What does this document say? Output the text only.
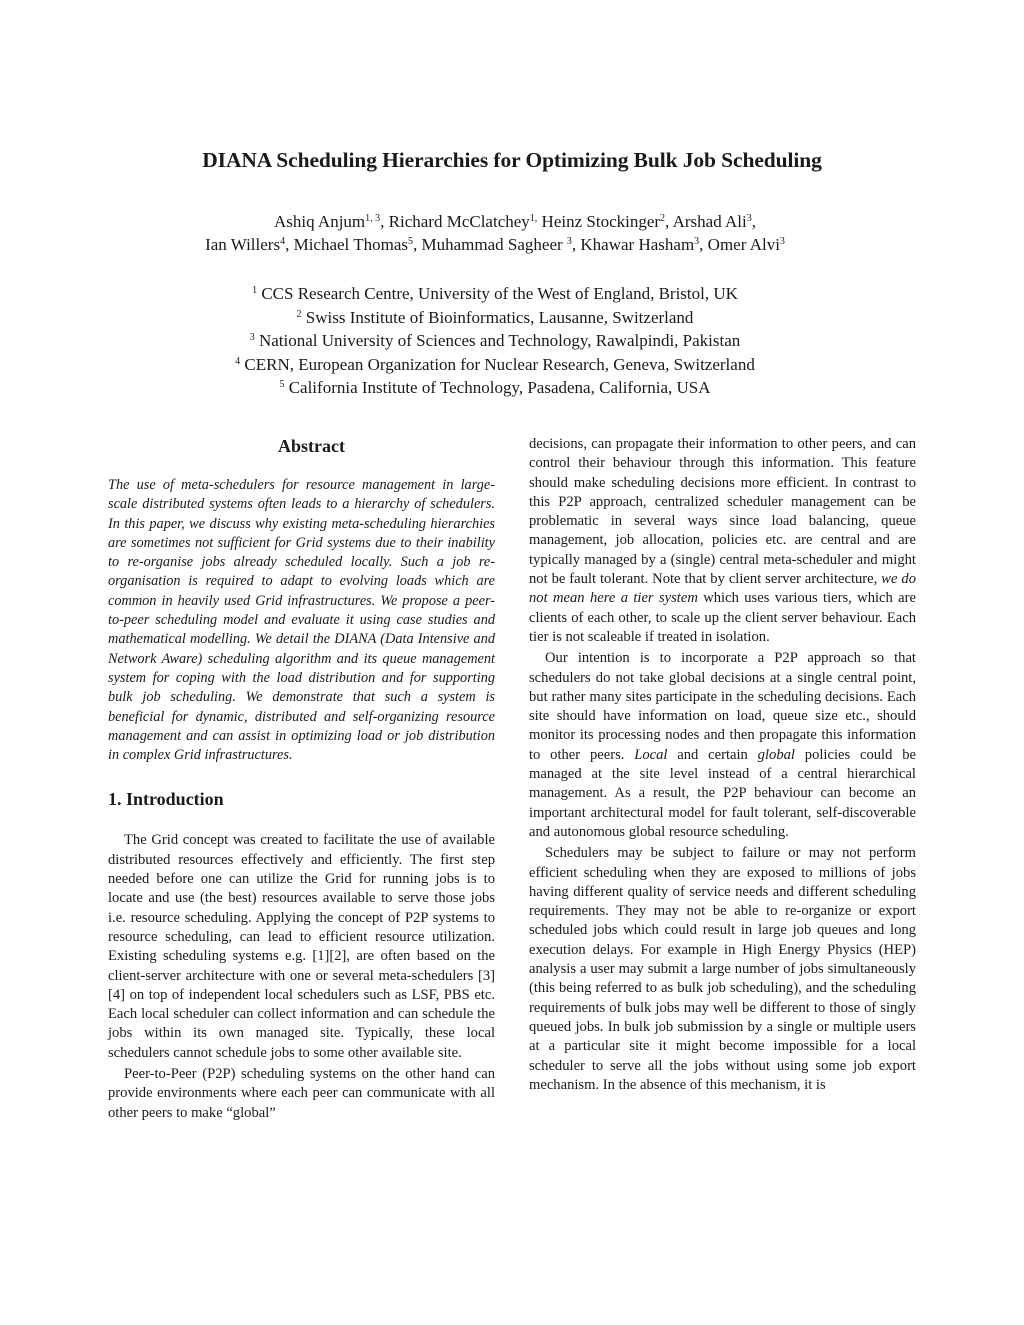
DIANA Scheduling Hierarchies for Optimizing Bulk Job Scheduling
Ashiq Anjum$^{1, 3}$, Richard McClatchey$^{1,}$ Heinz Stockinger$^2$, Arshad Ali$^3$,
Ian Willers$^4$, Michael Thomas$^5$, Muhammad Sagheer $^3$, Khawar Hasham$^3$, Omer Alvi$^3$
$^1$ CCS Research Centre, University of the West of England, Bristol, UK
$^2$ Swiss Institute of Bioinformatics, Lausanne, Switzerland
$^3$ National University of Sciences and Technology, Rawalpindi, Pakistan
$^4$ CERN, European Organization for Nuclear Research, Geneva, Switzerland
$^5$ California Institute of Technology, Pasadena, California, USA
Abstract

The use of meta-schedulers for resource management in large-scale distributed systems often leads to a hierarchy of schedulers. In this paper, we discuss why existing meta-scheduling hierarchies are sometimes not sufficient for Grid systems due to their inability to re-organise jobs already scheduled locally. Such a job re-organisation is required to adapt to evolving loads which are common in heavily used Grid infrastructures. We propose a peer-to-peer scheduling model and evaluate it using case studies and mathematical modelling. We detail the DIANA (Data Intensive and Network Aware) scheduling algorithm and its queue management system for coping with the load distribution and for supporting bulk job scheduling. We demonstrate that such a system is beneficial for dynamic, distributed and self-organizing resource management and can assist in optimizing load or job distribution in complex Grid infrastructures.

1. Introduction

The Grid concept was created to facilitate the use of available distributed resources effectively and efficiently. The first step needed before one can utilize the Grid for running jobs is to locate and use (the best) resources available to serve those jobs i.e. resource scheduling. Applying the concept of P2P systems to resource scheduling, can lead to efficient resource utilization. Existing scheduling systems e.g. [1][2], are often based on the client-server architecture with one or several meta-schedulers [3][4] on top of independent local schedulers such as LSF, PBS etc. Each local scheduler can collect information and can schedule the jobs within its own managed site. Typically, these local schedulers cannot schedule jobs to some other available site.

Peer-to-Peer (P2P) scheduling systems on the other hand can provide environments where each peer can communicate with all other peers to make “global”

decisions, can propagate their information to other peers, and can control their behaviour through this information. This feature should make scheduling decisions more efficient. In contrast to this P2P approach, centralized scheduler management can be problematic in several ways since load balancing, queue management, job allocation, policies etc. are central and are typically managed by a (single) central meta-scheduler and might not be fault tolerant. Note that by client server architecture, we do not mean here a tier system which uses various tiers, which are clients of each other, to scale up the client server behaviour. Each tier is not scaleable if treated in isolation.

Our intention is to incorporate a P2P approach so that schedulers do not take global decisions at a single central point, but rather many sites participate in the scheduling decisions. Each site should have information on load, queue size etc., should monitor its processing nodes and then propagate this information to other peers. Local and certain global policies could be managed at the site level instead of a central hierarchical management. As a result, the P2P behaviour can become an important architectural model for fault tolerant, self-discoverable and autonomous global resource scheduling.

Schedulers may be subject to failure or may not perform efficient scheduling when they are exposed to millions of jobs having different quality of service needs and different scheduling requirements. They may not be able to re-organize or export scheduled jobs which could result in large job queues and long execution delays. For example in High Energy Physics (HEP) analysis a user may submit a large number of jobs simultaneously (this being referred to as bulk job scheduling), and the scheduling requirements of bulk jobs may well be different to those of singly queued jobs. In bulk job submission by a single or multiple users at a particular site it might become impossible for a local scheduler to serve all the jobs without using some job export mechanism. In the absence of this mechanism, it is
